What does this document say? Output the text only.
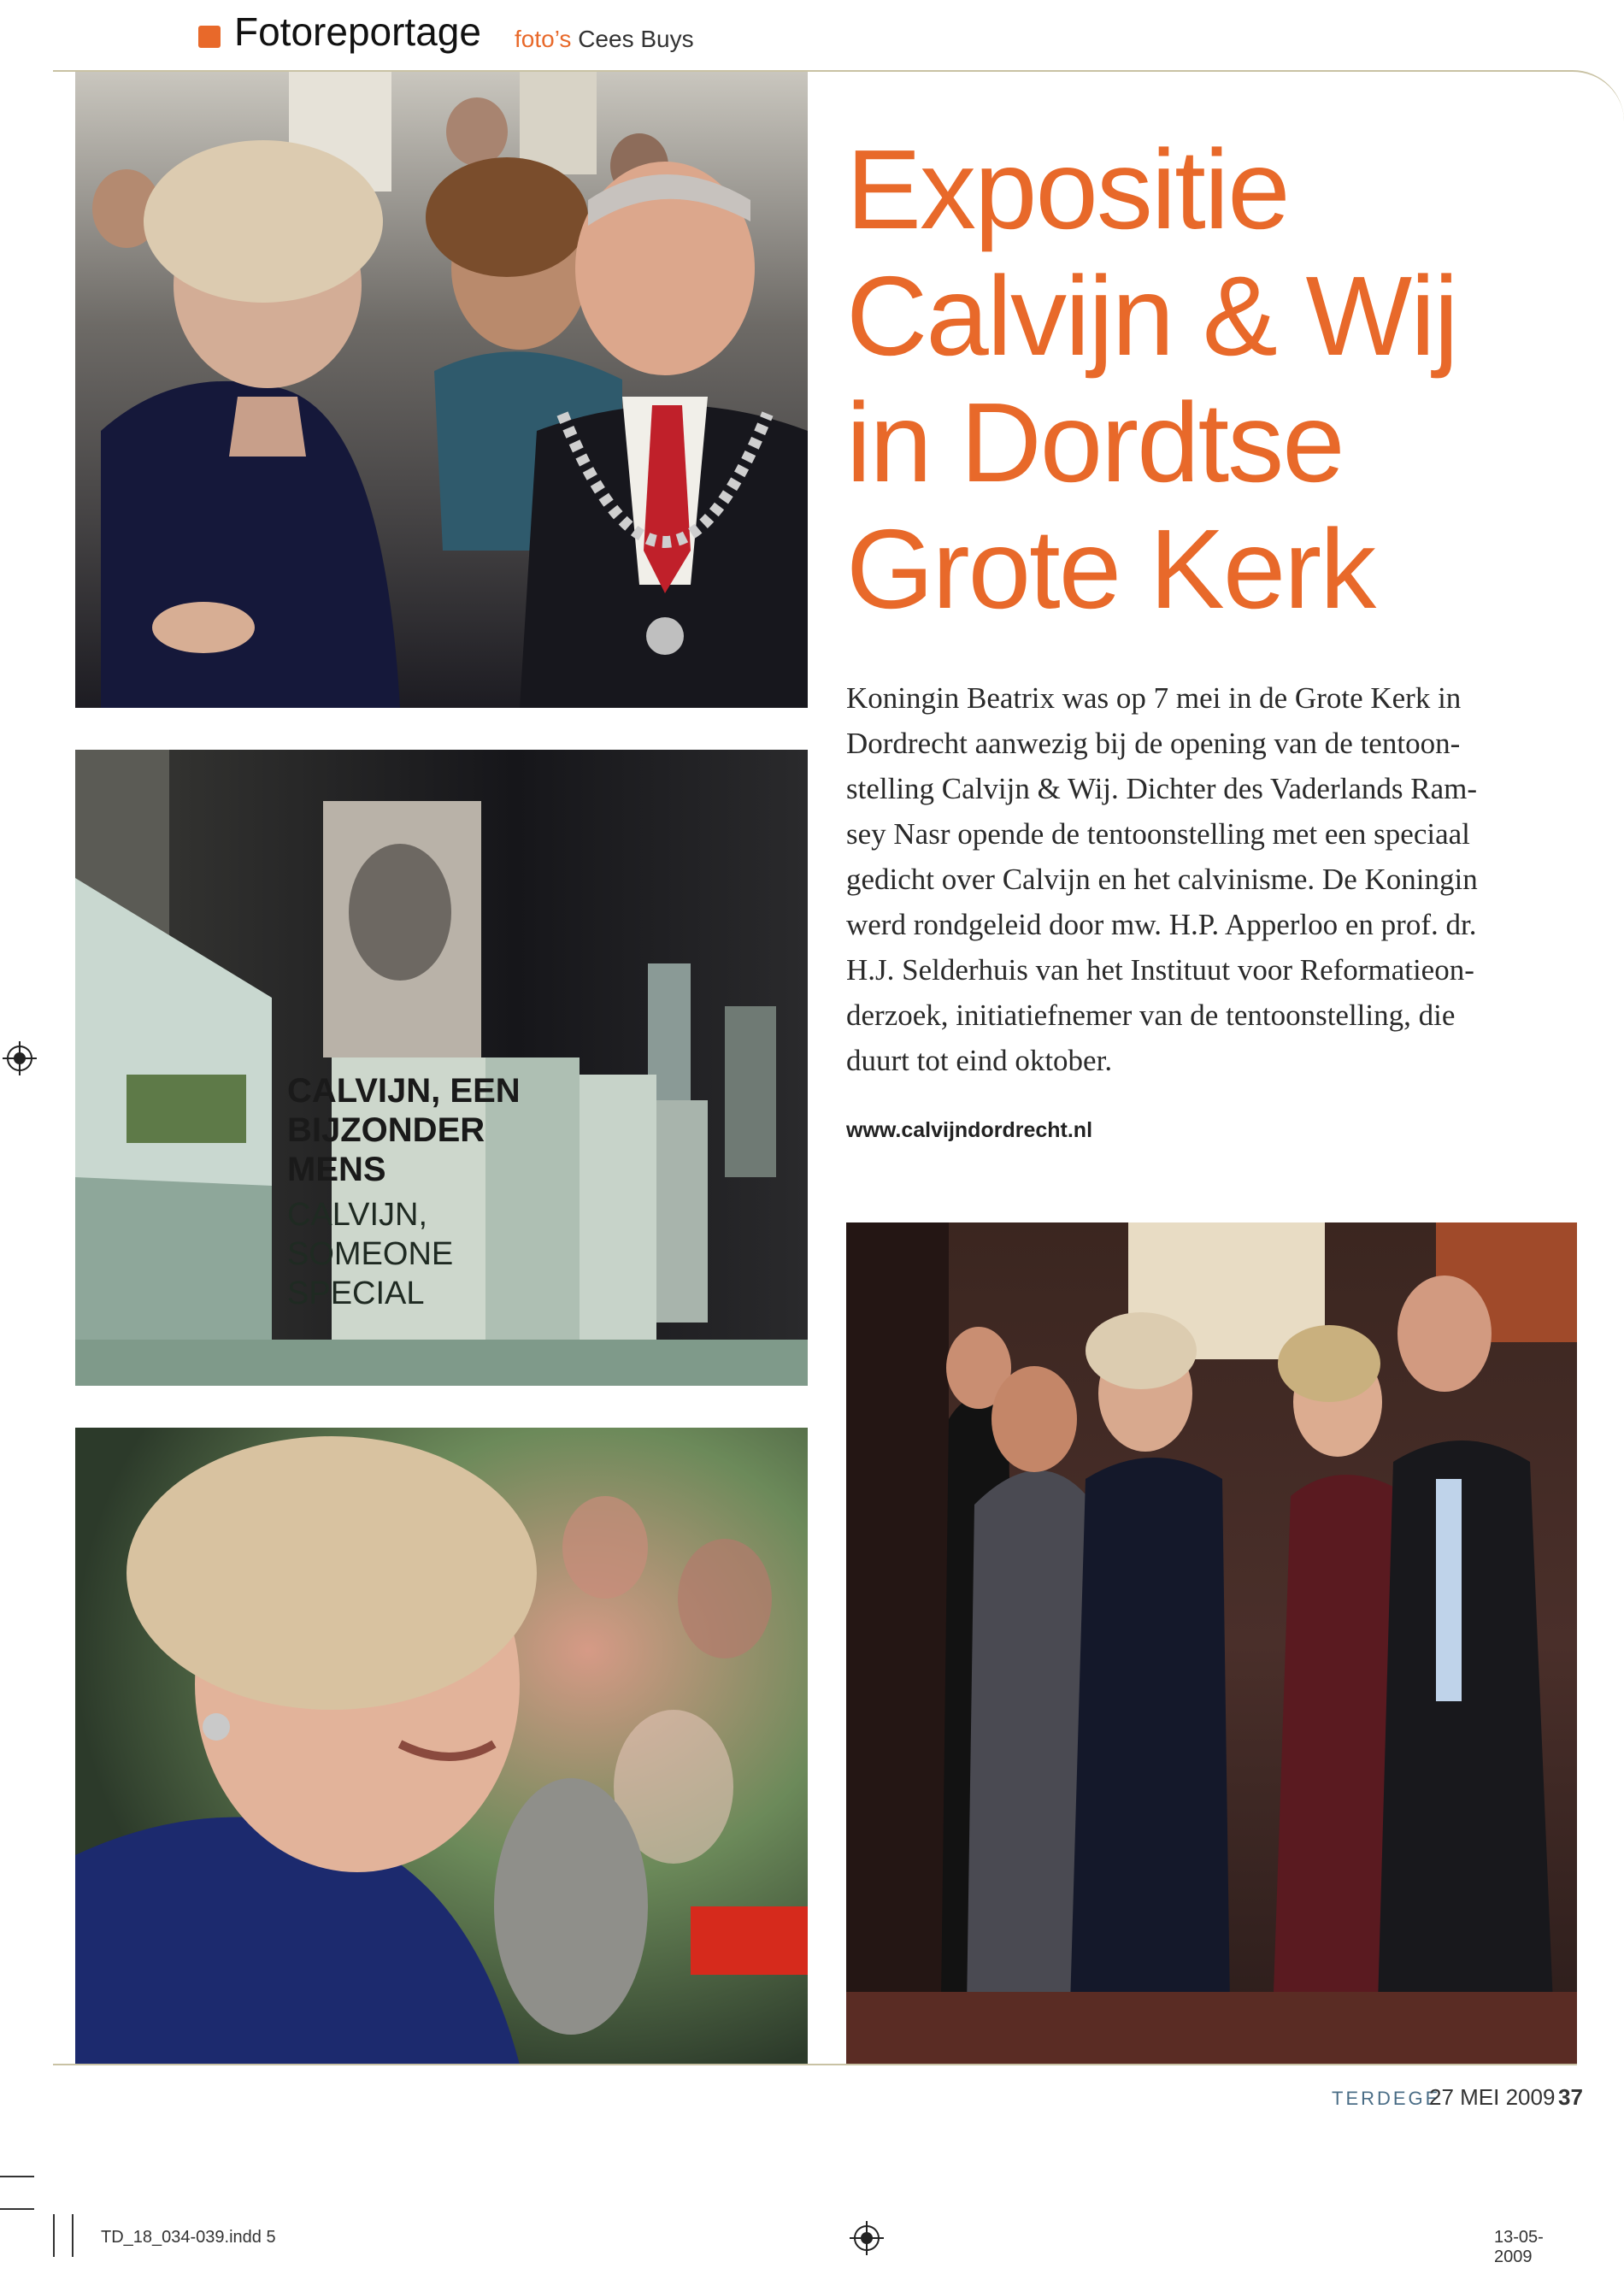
Fotoreportage foto’s Cees Buys
CALVIJN, EEN
BIJZONDER
MENS
CALVIJN,
SOMEONE
SPECIAL
Expositie
Calvijn & Wij
in Dordtse
Grote Kerk
Koningin Beatrix was op 7 mei in de Grote Kerk in
Dordrecht aanwezig bij de opening van de tentoon-
stelling Calvijn & Wij. Dichter des Vaderlands Ram-
sey Nasr opende de tentoonstelling met een speciaal
gedicht over Calvijn en het calvinisme. De Koningin
werd rondgeleid door mw. H.P. Apperloo en prof. dr.
H.J. Selderhuis van het Instituut voor Reformatieon-
derzoek, initiatiefnemer van de tentoonstelling, die
duurt tot eind oktober.
www.calvijndordrecht.nl
TERDEGE
27 MEI 2009 37
TD_18_034-039.indd 5	13-05-2009
